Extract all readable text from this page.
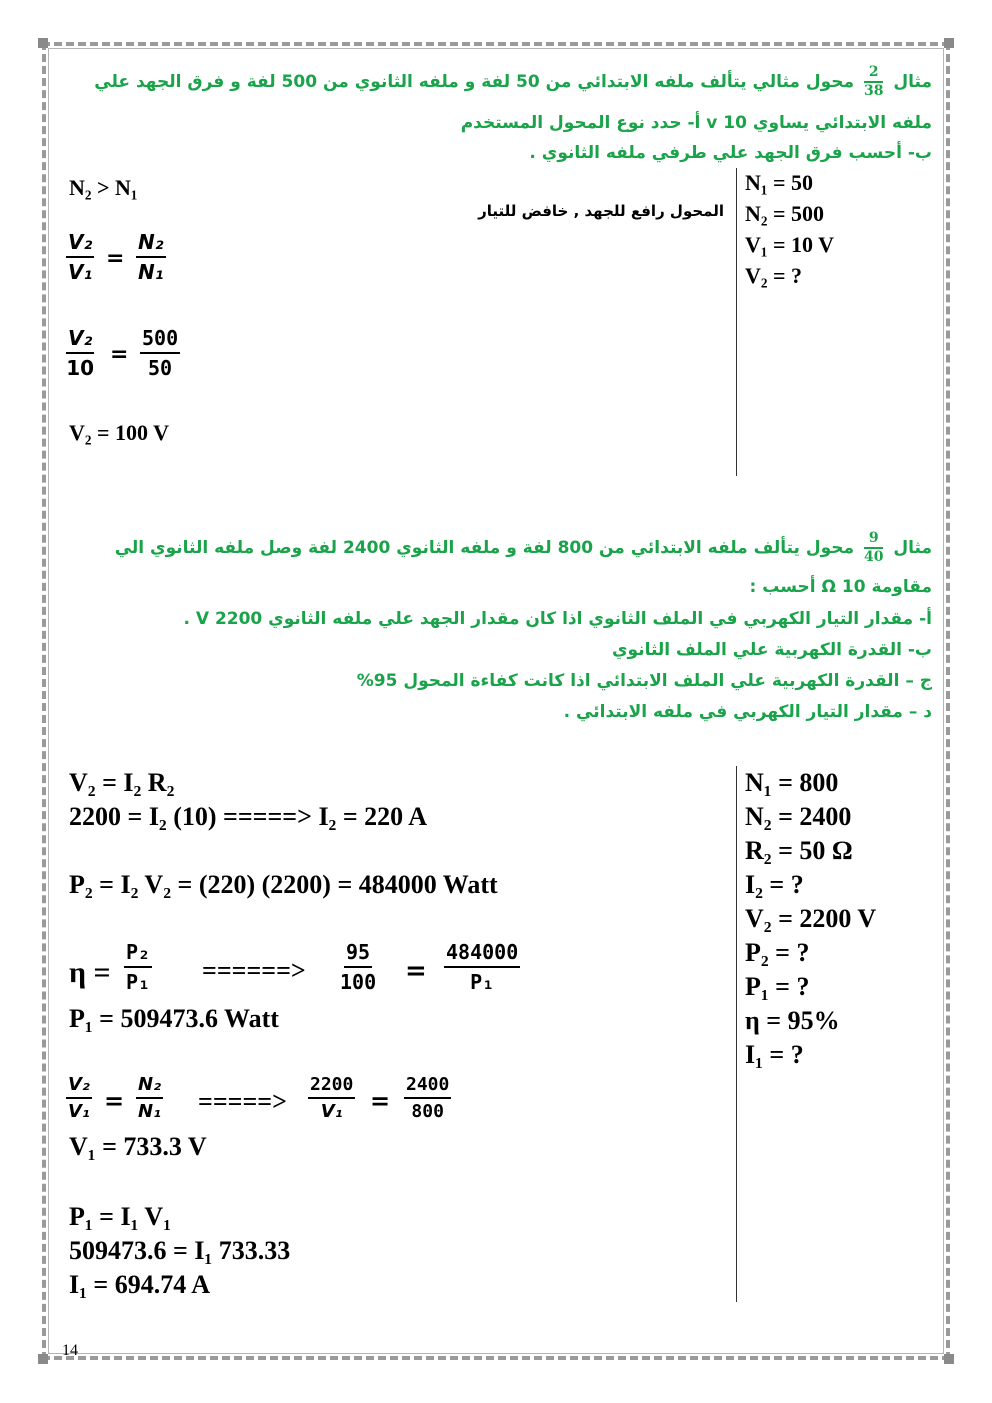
مثال
$\frac{2}{38}$
محول مثالي يتألف ملفه الابتدائي من 50 لفة و ملفه الثانوي من 500 لفة و فرق الجهد علي
ملفه الابتدائي يساوي v 10 أ- حدد نوع المحول المستخدم
ب- أحسب فرق الجهد علي طرفي ملفه الثانوي .
N₁ = 50
N₂ = 500
V₁ = 10 V
V₂ = ?
N₂ > N₁
المحول رافع للجهد , خافض للتيار
$\frac{\text{V₂}}{\text{V₁}} = \frac{\text{N₂}}{\text{N₁}}$
$\frac{\text{V₂}}{10} = \frac{500}{50}$
V₂ = 100 V
مثال
$\frac{9}{40}$
محول يتألف ملفه الابتدائي من 800 لفة و ملفه الثانوي 2400 لفة وصل ملفه الثانوي الي
مقاومة Ω 10 أحسب :
أ- مقدار التيار الكهربي في الملف الثانوي اذا كان مقدار الجهد علي ملفه الثانوي 2200 V .
ب- القدرة الكهربية علي الملف الثانوي
ج – القدرة الكهربية علي الملف الابتدائي اذا كانت كفاءة المحول 95%
د – مقدار التيار الكهربي في ملفه الابتدائي .
N₁ = 800
N₂ = 2400
R₂ = 50 Ω
I₂ = ?
V₂ = 2200 V
P₂ = ?
P₁ = ?
η = 95%
I₁ = ?
V₂ = I₂ R₂
2200 = I₂ (10) =====> I₂ = 220 A
P₂ = I₂ V₂ = (220) (2200) = 484000 Watt
$\eta = \frac{\text{P₂}}{\text{P₁}}$ ======> $\frac{95}{100} = \frac{484000}{\text{P₁}}$
P₁ = 509473.6 Watt
$\frac{\text{V₂}}{\text{V₁}} = \frac{\text{N₂}}{\text{N₁}}$ =====> $\frac{2200}{\text{V₁}} = \frac{2400}{800}$
V₁ = 733.3 V
P₁ = I₁ V₁
509473.6 = I₁ 733.33
I₁ = 694.74 A
14
